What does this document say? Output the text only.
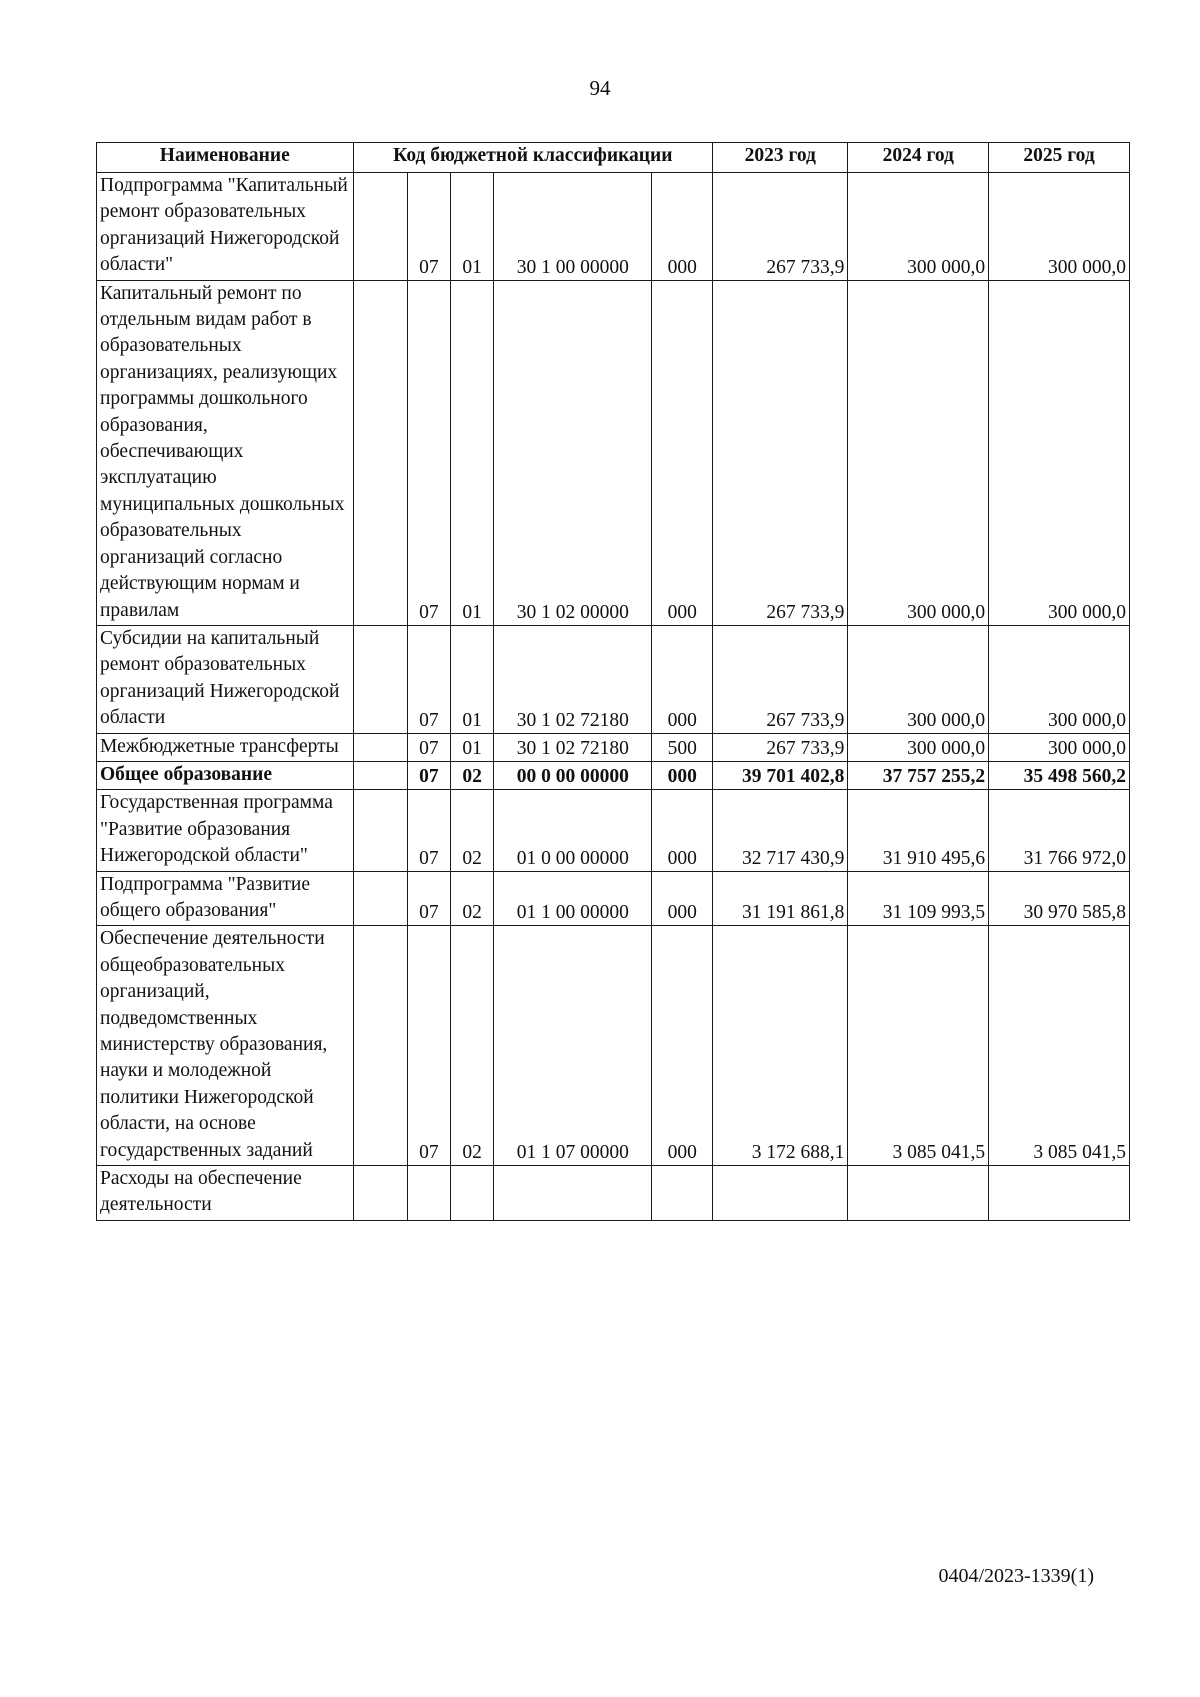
94
Наименование	Код бюджетной классификации					2023 год	2024 год	2025 год
Подпрограмма "Капитальный ремонт образовательных организаций Нижегородской области"		07	01	30 1 00 00000	000	267 733,9	300 000,0	300 000,0
Капитальный ремонт по отдельным видам работ в образовательных организациях, реализующих программы дошкольного образования, обеспечивающих эксплуатацию муниципальных дошкольных образовательных организаций согласно действующим нормам и правилам		07	01	30 1 02 00000	000	267 733,9	300 000,0	300 000,0
Субсидии на капитальный ремонт образовательных организаций Нижегородской области		07	01	30 1 02 72180	000	267 733,9	300 000,0	300 000,0
Межбюджетные трансферты		07	01	30 1 02 72180	500	267 733,9	300 000,0	300 000,0
Общее образование		07	02	00 0 00 00000	000	39 701 402,8	37 757 255,2	35 498 560,2
Государственная программа "Развитие образования Нижегородской области"		07	02	01 0 00 00000	000	32 717 430,9	31 910 495,6	31 766 972,0
Подпрограмма "Развитие общего образования"		07	02	01 1 00 00000	000	31 191 861,8	31 109 993,5	30 970 585,8
Обеспечение деятельности общеобразовательных организаций, подведомственных министерству образования, науки и молодежной политики Нижегородской области, на основе государственных заданий		07	02	01 1 07 00000	000	3 172 688,1	3 085 041,5	3 085 041,5
Расходы на обеспечение деятельности								
0404/2023-1339(1)
